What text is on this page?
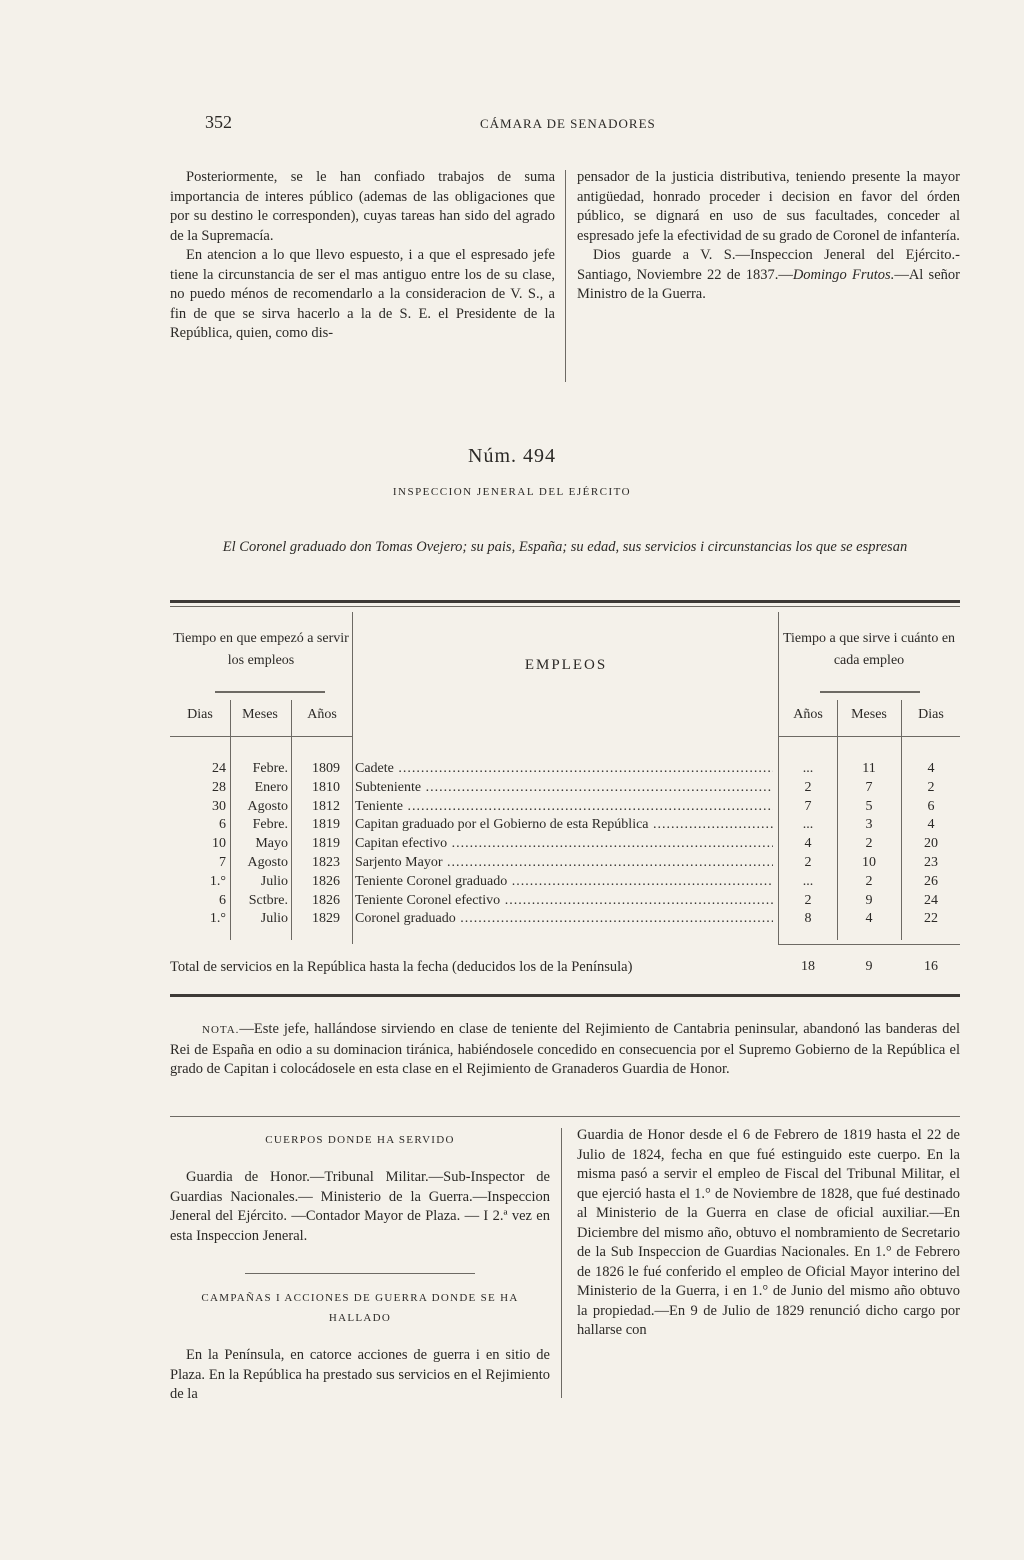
352	CÁMARA DE SENADORES

Posteriormente, se le han confiado trabajos de suma importancia de interes público (ademas de las obligaciones que por su destino le corresponden), cuyas tareas han sido del agrado de la Supremacía.

En atencion a lo que llevo espuesto, i a que el espresado jefe tiene la circunstancia de ser el mas antiguo entre los de su clase, no puedo ménos de recomendarlo a la consideracion de V. S., a fin de que se sirva hacerlo a la de S. E. el Presidente de la República, quien, como dis-

pensador de la justicia distributiva, teniendo presente la mayor antigüedad, honrado proceder i decision en favor del órden público, se dignará en uso de sus facultades, conceder al espresado jefe la efectividad de su grado de Coronel de infantería.

Dios guarde a V. S.—Inspeccion Jeneral del Ejército.- Santiago, Noviembre 22 de 1837.—Domingo Frutos.—Al señor Ministro de la Guerra.

Núm. 494
INSPECCION JENERAL DEL EJÉRCITO
El Coronel graduado don Tomas Ovejero; su pais, España; su edad, sus servicios i circunstancias los que se espresan
Tiempo en que empezó a servir los empleos	EMPLEOS
Tiempo a que sirve i cuánto en cada empleo
Dias	Meses	Años	Años	Meses	Dias
24	Febre. 1809	Cadete .....	...	11	4
28	Enero 1810	Subteniente .....	2	7	2
30	Agosto 1812	Teniente .....	7	5	6
6	Febre. 1819	Capitan graduado por el Gobierno de esta República .....	...	3	4
10	Mayo 1819	Capitan efectivo .....	4	2	20
7	Agosto 1823	Sarjento Mayor .....	2	10	23
1.°	Julio 1826	Teniente Coronel graduado .....	...	2	26
6	Sctbre. 1826	Teniente Coronel efectivo .....	2	9	24
1.°	Julio 1829	Coronel graduado .....	8	4	22
Total de servicios en la República hasta la fecha (deducidos los de la Península)	18	9	16

NOTA.—Este jefe, hallándose sirviendo en clase de teniente del Rejimiento de Cantabria peninsular, abandonó las banderas del Rei de España en odio a su dominacion tiránica, habiéndosele concedido en consecuencia por el Supremo Gobierno de la República el grado de Capitan i colocádosele en esta clase en el Rejimiento de Granaderos Guardia de Honor.

CUERPOS DONDE HA SERVIDO

Guardia de Honor.—Tribunal Militar.—Sub-Inspector de Guardias Nacionales.— Ministerio de la Guerra.—Inspeccion Jeneral del Ejército. —Contador Mayor de Plaza. — I 2.ª vez en esta Inspeccion Jeneral.

CAMPAÑAS I ACCIONES DE GUERRA DONDE SE HA HALLADO

En la Península, en catorce acciones de guerra i en sitio de Plaza. En la República ha prestado sus servicios en el Rejimiento de la

Guardia de Honor desde el 6 de Febrero de 1819 hasta el 22 de Julio de 1824, fecha en que fué estinguido este cuerpo. En la misma pasó a servir el empleo de Fiscal del Tribunal Militar, el que ejerció hasta el 1.° de Noviembre de 1828, que fué destinado al Ministerio de la Guerra en clase de oficial auxiliar.—En Diciembre del mismo año, obtuvo el nombramiento de Secretario de la Sub Inspeccion de Guardias Nacionales. En 1.° de Febrero de 1826 le fué conferido el empleo de Oficial Mayor interino del Ministerio de la Guerra, i en 1.° de Junio del mismo año obtuvo la propiedad.—En 9 de Julio de 1829 renunció dicho cargo por hallarse con
